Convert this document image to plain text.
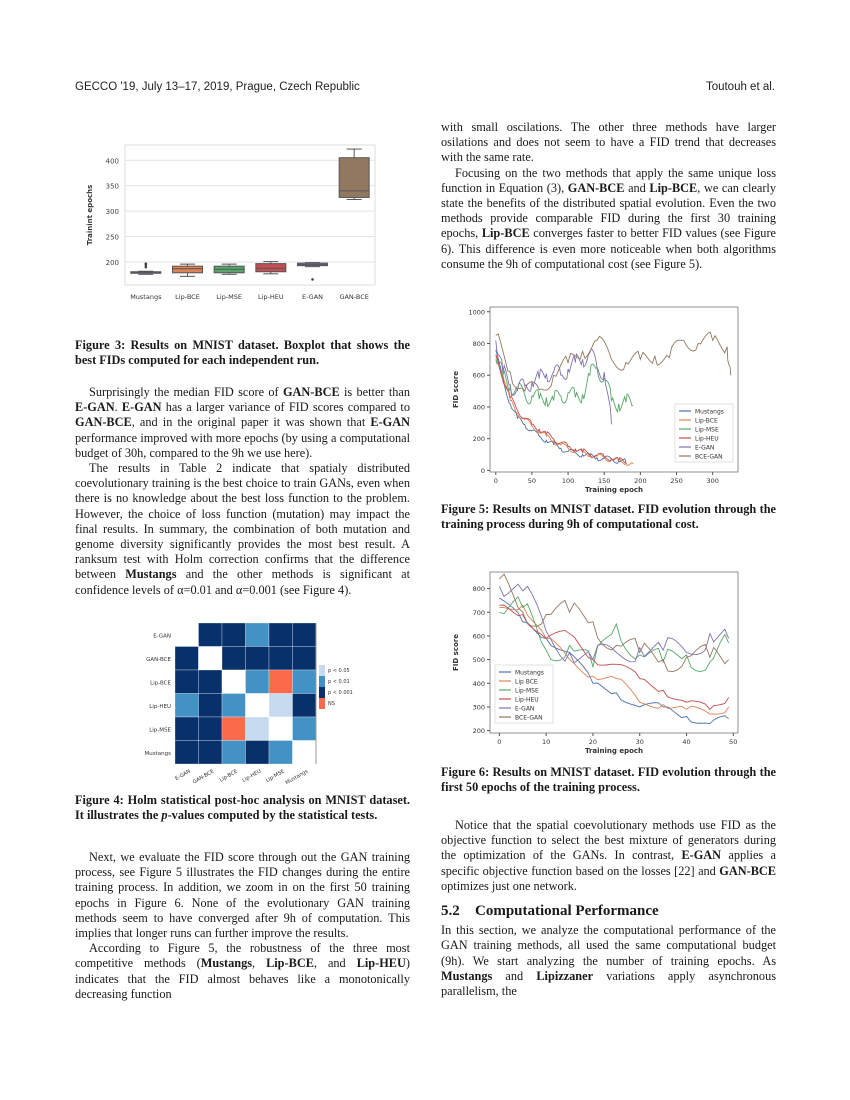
GECCO '19, July 13–17, 2019, Prague, Czech Republic	Toutouh et al.
200
250
300
350
400
Trainint epochs
Mustangs Lip-BCE	Lip-MSE Lip-HEU	E-GAN	GAN-BCE

Figure 3: Results on MNIST dataset. Boxplot that shows the best FIDs computed for each independent run.

Surprisingly the median FID score of GAN-BCE is better than E-GAN. E-GAN has a larger variance of FID scores compared to GAN-BCE, and in the original paper it was shown that E-GAN performance improved with more epochs (by using a computational budget of 30h, compared to the 9h we use here).

The results in Table 2 indicate that spatialy distributed coevolutionary training is the best choice to train GANs, even when there is no knowledge about the best loss function to the problem. However, the choice of loss function (mutation) may impact the final results. In summary, the combination of both mutation and genome diversity significantly provides the most best result. A ranksum test with Holm correction confirms that the difference between Mustangs and the other methods is significant at confidence levels of α=0.01 and α=0.001 (see Figure 4).

E-GAN
GAN-BCE
Lip-BCE
Lip-HEU
Lip-MSE
Mustangs
E-GAN GAN-BCE Lip-BCE Lip-HEU Lip-MSE
Mustangs
p < 0.05
p < 0.01
p < 0.001
NS

Figure 4: Holm statistical post-hoc analysis on MNIST dataset. It illustrates the p-values computed by the statistical tests.

Next, we evaluate the FID score through out the GAN training process, see Figure 5 illustrates the FID changes during the entire training process. In addition, we zoom in on the first 50 training epochs in Figure 6. None of the evolutionary GAN training methods seem to have converged after 9h of computation. This implies that longer runs can further improve the results.

According to Figure 5, the robustness of the three most competitive methods (Mustangs, Lip-BCE, and Lip-HEU) indicates that the FID almost behaves like a monotonically decreasing function

with small oscilations. The other three methods have larger osilations and does not seem to have a FID trend that decreases with the same rate.

Focusing on the two methods that apply the same unique loss function in Equation (3), GAN-BCE and Lip-BCE, we can clearly state the benefits of the distributed spatial evolution. Even the two methods provide comparable FID during the first 30 training epochs, Lip-BCE converges faster to better FID values (see Figure 6). This difference is even more noticeable when both algorithms consume the 9h of computational cost (see Figure 5).

0
200
400
600
800
1000
0	50	100	150	200	250	300
Training epoch
FID score
Mustangs
Lip-BCE
Lip-MSE
Lip-HEU
E-GAN
BCE-GAN

Figure 5: Results on MNIST dataset. FID evolution through the training process during 9h of computational cost.

200
300
400
500
600
700
800
0	10	20	30	40	50
Training epoch
FID score
Mustangs
Lip BCE
Lip-MSE
Lip-HEU
E-GAN
BCE-GAN

Figure 6: Results on MNIST dataset. FID evolution through the first 50 epochs of the training process.

Notice that the spatial coevolutionary methods use FID as the objective function to select the best mixture of generators during the optimization of the GANs. In contrast, E-GAN applies a specific objective function based on the losses [22] and GAN-BCE optimizes just one network.

5.2 Computational Performance

In this section, we analyze the computational performance of the GAN training methods, all used the same computational budget (9h). We start analyzing the number of training epochs. As Mustangs and Lipizzaner variations apply asynchronous parallelism, the
